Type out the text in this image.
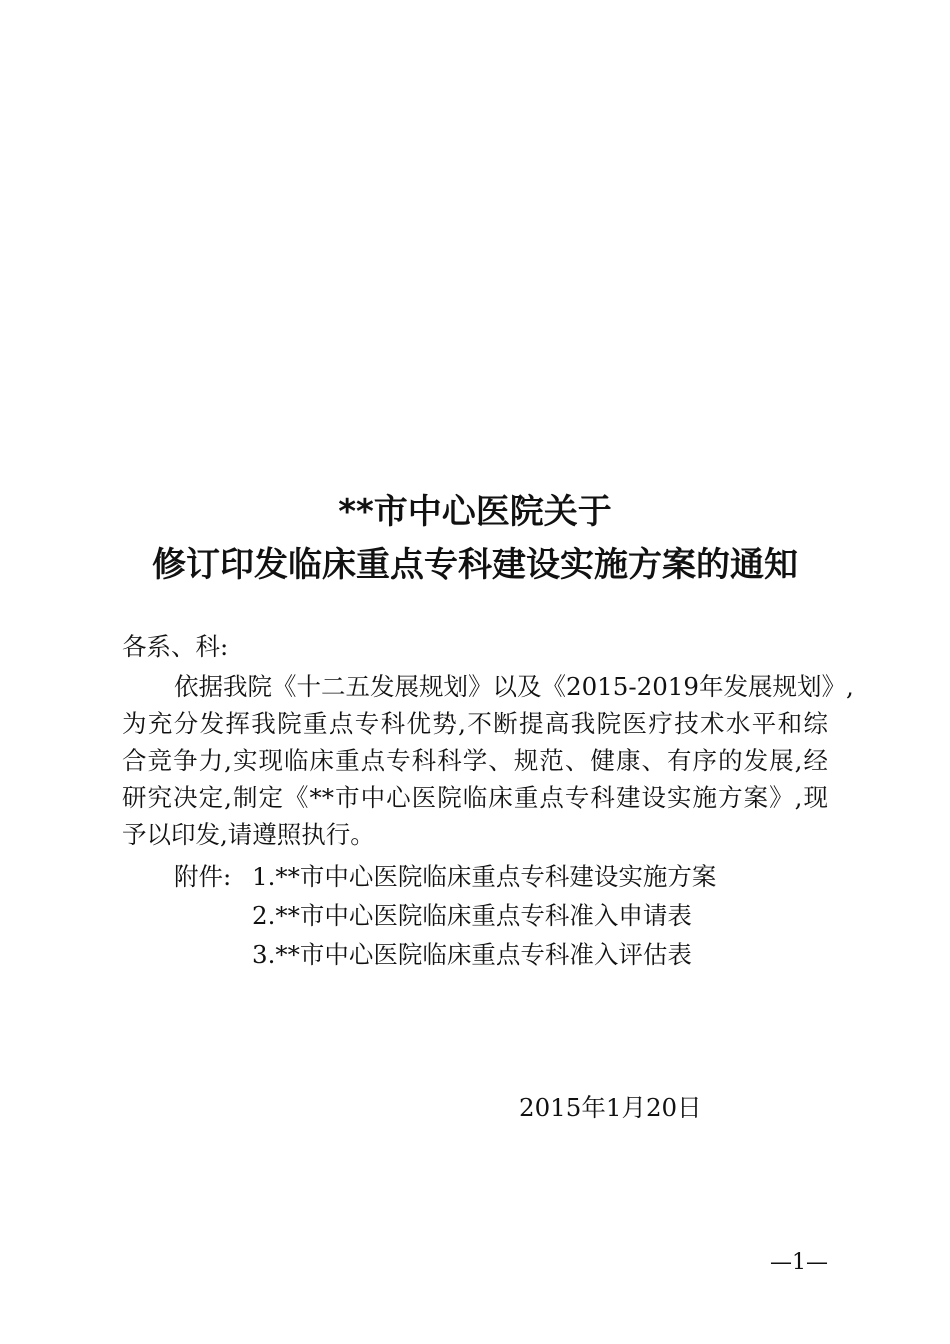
**市中心医院关于
修订印发临床重点专科建设实施方案的通知
各系、科:
依据我院《十二五发展规划》以及《2015-2019年发展规划》,
为充分发挥我院重点专科优势,不断提高我院医疗技术水平和综
合竞争力,实现临床重点专科科学、规范、健康、有序的发展,经
研究决定,制定《**市中心医院临床重点专科建设实施方案》,现
予以印发,请遵照执行。
附件: 1.**市中心医院临床重点专科建设实施方案
2.**市中心医院临床重点专科准入申请表
3.**市中心医院临床重点专科准入评估表
2015年1月20日
—1—
